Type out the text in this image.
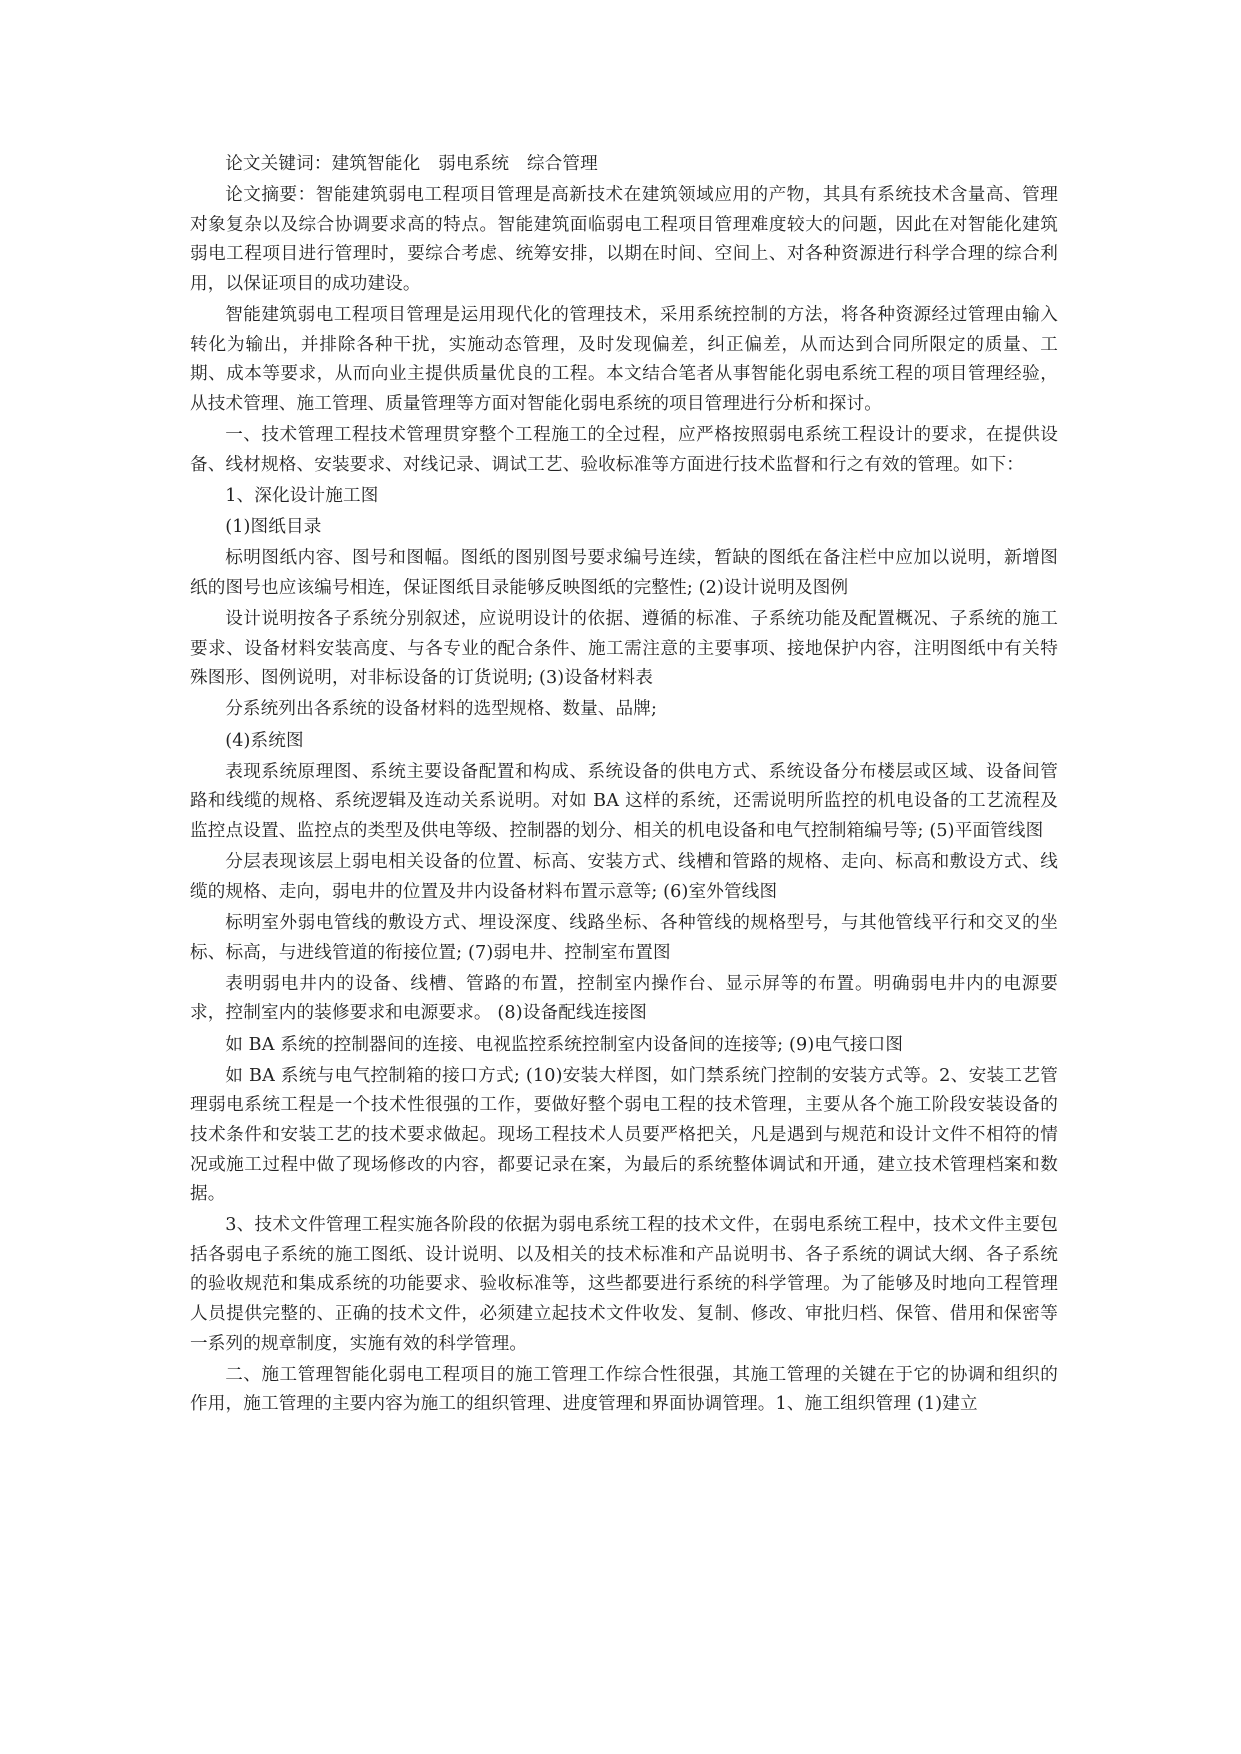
论文关键词：建筑智能化　弱电系统　综合管理

论文摘要：智能建筑弱电工程项目管理是高新技术在建筑领域应用的产物，其具有系统技术含量高、管理对象复杂以及综合协调要求高的特点。智能建筑面临弱电工程项目管理难度较大的问题，因此在对智能化建筑弱电工程项目进行管理时，要综合考虑、统筹安排，以期在时间、空间上、对各种资源进行科学合理的综合利用，以保证项目的成功建设。

智能建筑弱电工程项目管理是运用现代化的管理技术，采用系统控制的方法，将各种资源经过管理由输入转化为输出，并排除各种干扰，实施动态管理，及时发现偏差，纠正偏差，从而达到合同所限定的质量、工期、成本等要求，从而向业主提供质量优良的工程。本文结合笔者从事智能化弱电系统工程的项目管理经验，从技术管理、施工管理、质量管理等方面对智能化弱电系统的项目管理进行分析和探讨。

一、技术管理工程技术管理贯穿整个工程施工的全过程，应严格按照弱电系统工程设计的要求，在提供设备、线材规格、安装要求、对线记录、调试工艺、验收标准等方面进行技术监督和行之有效的管理。如下：

1、深化设计施工图

(1)图纸目录

标明图纸内容、图号和图幅。图纸的图别图号要求编号连续，暂缺的图纸在备注栏中应加以说明，新增图纸的图号也应该编号相连，保证图纸目录能够反映图纸的完整性; (2)设计说明及图例

设计说明按各子系统分别叙述，应说明设计的依据、遵循的标准、子系统功能及配置概况、子系统的施工要求、设备材料安装高度、与各专业的配合条件、施工需注意的主要事项、接地保护内容，注明图纸中有关特殊图形、图例说明，对非标设备的订货说明; (3)设备材料表

分系统列出各系统的设备材料的选型规格、数量、品牌;

(4)系统图

表现系统原理图、系统主要设备配置和构成、系统设备的供电方式、系统设备分布楼层或区域、设备间管路和线缆的规格、系统逻辑及连动关系说明。对如 BA 这样的系统，还需说明所监控的机电设备的工艺流程及监控点设置、监控点的类型及供电等级、控制器的划分、相关的机电设备和电气控制箱编号等; (5)平面管线图

分层表现该层上弱电相关设备的位置、标高、安装方式、线槽和管路的规格、走向、标高和敷设方式、线缆的规格、走向，弱电井的位置及井内设备材料布置示意等; (6)室外管线图

标明室外弱电管线的敷设方式、埋设深度、线路坐标、各种管线的规格型号，与其他管线平行和交叉的坐标、标高，与进线管道的衔接位置; (7)弱电井、控制室布置图

表明弱电井内的设备、线槽、管路的布置，控制室内操作台、显示屏等的布置。明确弱电井内的电源要求，控制室内的装修要求和电源要求。 (8)设备配线连接图

如 BA 系统的控制器间的连接、电视监控系统控制室内设备间的连接等; (9)电气接口图

如 BA 系统与电气控制箱的接口方式; (10)安装大样图，如门禁系统门控制的安装方式等。2、安装工艺管理弱电系统工程是一个技术性很强的工作，要做好整个弱电工程的技术管理，主要从各个施工阶段安装设备的技术条件和安装工艺的技术要求做起。现场工程技术人员要严格把关，凡是遇到与规范和设计文件不相符的情况或施工过程中做了现场修改的内容，都要记录在案，为最后的系统整体调试和开通，建立技术管理档案和数据。

3、技术文件管理工程实施各阶段的依据为弱电系统工程的技术文件，在弱电系统工程中，技术文件主要包括各弱电子系统的施工图纸、设计说明、以及相关的技术标准和产品说明书、各子系统的调试大纲、各子系统的验收规范和集成系统的功能要求、验收标准等，这些都要进行系统的科学管理。为了能够及时地向工程管理人员提供完整的、正确的技术文件，必须建立起技术文件收发、复制、修改、审批归档、保管、借用和保密等一系列的规章制度，实施有效的科学管理。

二、施工管理智能化弱电工程项目的施工管理工作综合性很强，其施工管理的关键在于它的协调和组织的作用，施工管理的主要内容为施工的组织管理、进度管理和界面协调管理。1、施工组织管理 (1)建立
